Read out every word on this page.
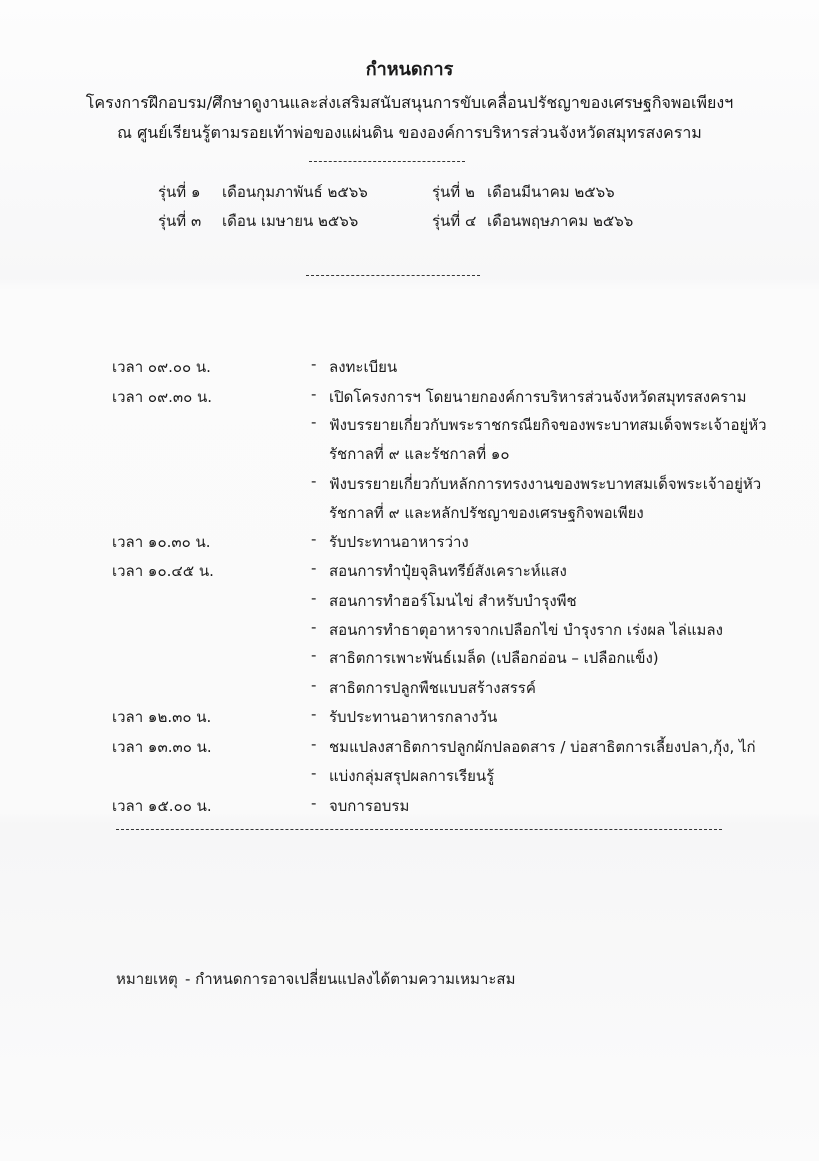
กำหนดการ
โครงการฝึกอบรม/ศึกษาดูงานและส่งเสริมสนับสนุนการขับเคลื่อนปรัชญาของเศรษฐกิจพอเพียงฯ
ณ ศูนย์เรียนรู้ตามรอยเท้าพ่อของแผ่นดิน ขององค์การบริหารส่วนจังหวัดสมุทรสงคราม
รุ่นที่ ๑ เดือนกุมภาพันธ์ ๒๕๖๖	รุ่นที่ ๒ เดือนมีนาคม ๒๕๖๖
รุ่นที่ ๓ เดือน เมษายน ๒๕๖๖	รุ่นที่ ๔ เดือนพฤษภาคม ๒๕๖๖
เวลา ๐๙.๐๐ น.
เวลา ๐๙.๓๐ น.
เวลา ๑๐.๓๐ น.
เวลา ๑๐.๔๕ น.
เวลา ๑๒.๓๐ น.
เวลา ๑๓.๓๐ น.
เวลา ๑๕.๐๐ น.
-
-
-
-
-
-
-
-
-
-
-
-
-
-
ลงทะเบียน
เปิดโครงการฯ โดยนายกองค์การบริหารส่วนจังหวัดสมุทรสงคราม
ฟังบรรยายเกี่ยวกับพระราชกรณียกิจของพระบาทสมเด็จพระเจ้าอยู่หัว
รัชกาลที่ ๙ และรัชกาลที่ ๑๐
ฟังบรรยายเกี่ยวกับหลักการทรงงานของพระบาทสมเด็จพระเจ้าอยู่หัว
รัชกาลที่ ๙ และหลักปรัชญาของเศรษฐกิจพอเพียง
รับประทานอาหารว่าง
สอนการทำปุ๋ยจุลินทรีย์สังเคราะห์แสง
สอนการทำฮอร์โมนไข่ สำหรับบำรุงพืช
สอนการทำธาตุอาหารจากเปลือกไข่ บำรุงราก เร่งผล ไล่แมลง
สาธิตการเพาะพันธ์เมล็ด (เปลือกอ่อน – เปลือกแข็ง)
สาธิตการปลูกพืชแบบสร้างสรรค์
รับประทานอาหารกลางวัน
ชมแปลงสาธิตการปลูกผักปลอดสาร / บ่อสาธิตการเลี้ยงปลา,กุ้ง, ไก่
แบ่งกลุ่มสรุปผลการเรียนรู้
จบการอบรม
หมายเหตุ - กำหนดการอาจเปลี่ยนแปลงได้ตามความเหมาะสม
